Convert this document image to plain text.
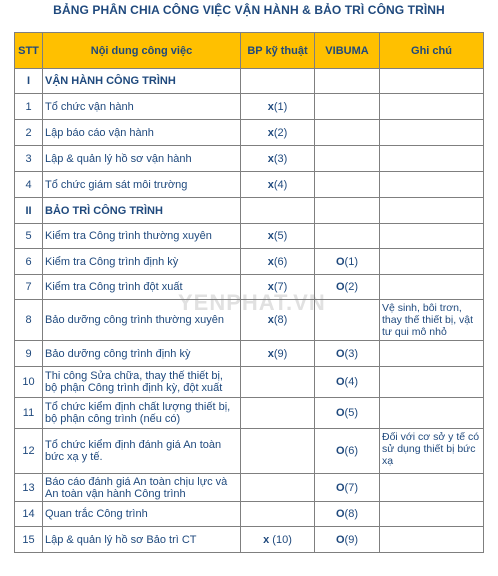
BẢNG PHÂN CHIA CÔNG VIỆC VẬN HÀNH & BẢO TRÌ CÔNG TRÌNH
STT	Nội dung công việc	BP kỹ thuật	VIBUMA	Ghi chú
I	VẬN HÀNH CÔNG TRÌNH			
1	Tổ chức vận hành	x(1)		
2	Lập báo cáo vận hành	x(2)		
3	Lập & quản lý hồ sơ vận hành	x(3)		
4	Tổ chức giám sát môi trường	x(4)		
II	BẢO TRÌ CÔNG TRÌNH			
5	Kiểm tra Công trình thường xuyên	x(5)		
6	Kiểm tra Công trình định kỳ	x(6)	O(1)	
7	Kiểm tra Công trình đột xuất	x(7)	O(2)	
8	Bảo dưỡng công trình thường xuyên	x(8)		Vệ sinh, bôi trơn, thay thế thiết bị, vật tư qui mô nhỏ
9	Bảo dưỡng công trình định kỳ	x(9)	O(3)	
10	Thi công Sửa chữa, thay thế thiết bị, bộ phận Công trình định kỳ, đột xuất		O(4)	
11	Tổ chức kiểm định chất lượng thiết bị, bộ phận công trình (nếu có)		O(5)	
12	Tổ chức kiểm định đánh giá An toàn bức xạ y tế.		O(6)	Đối với cơ sở y tế có sử dụng thiết bị bức xạ
13	Báo cáo đánh giá An toàn chịu lực và An toàn vận hành Công trình		O(7)	
14	Quan trắc Công trình		O(8)	
15	Lập & quản lý hồ sơ Bảo trì CT	x (10)	O(9)	
YENPHAT.VN
